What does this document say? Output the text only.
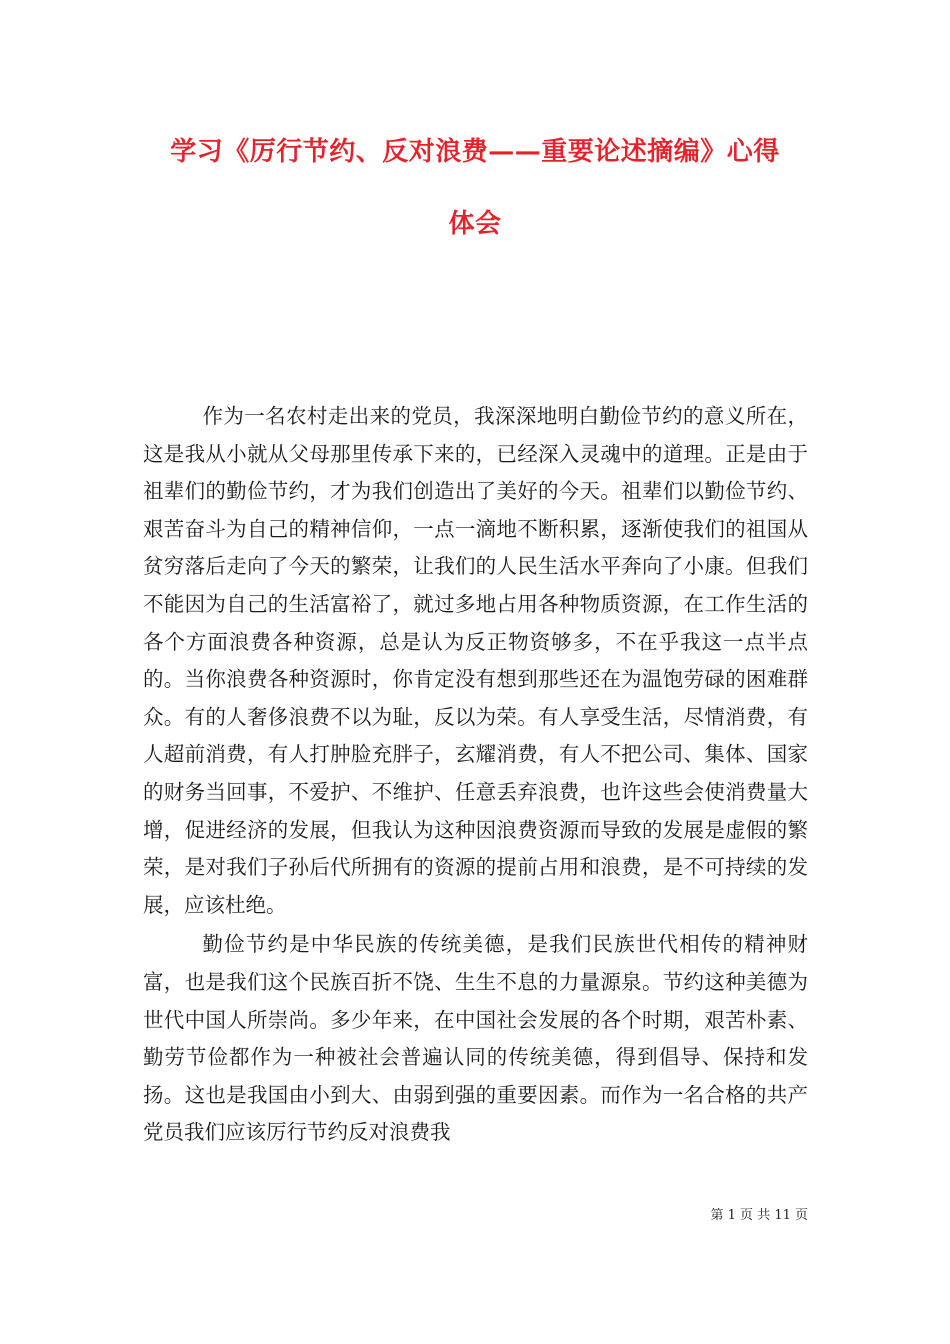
学习《厉行节约、反对浪费——重要论述摘编》心得
体会

作为一名农村走出来的党员，我深深地明白勤俭节约的意义所在，这是我从小就从父母那里传承下来的，已经深入灵魂中的道理。正是由于祖辈们的勤俭节约，才为我们创造出了美好的今天。祖辈们以勤俭节约、艰苦奋斗为自己的精神信仰，一点一滴地不断积累，逐渐使我们的祖国从贫穷落后走向了今天的繁荣，让我们的人民生活水平奔向了小康。但我们不能因为自己的生活富裕了，就过多地占用各种物质资源，在工作生活的各个方面浪费各种资源，总是认为反正物资够多，不在乎我这一点半点的。当你浪费各种资源时，你肯定没有想到那些还在为温饱劳碌的困难群众。有的人奢侈浪费不以为耻，反以为荣。有人享受生活，尽情消费，有人超前消费，有人打肿脸充胖子，玄耀消费，有人不把公司、集体、国家的财务当回事，不爱护、不维护、任意丢弃浪费，也许这些会使消费量大增，促进经济的发展，但我认为这种因浪费资源而导致的发展是虚假的繁荣，是对我们子孙后代所拥有的资源的提前占用和浪费，是不可持续的发展，应该杜绝。

勤俭节约是中华民族的传统美德，是我们民族世代相传的精神财富，也是我们这个民族百折不饶、生生不息的力量源泉。节约这种美德为世代中国人所崇尚。多少年来，在中国社会发展的各个时期，艰苦朴素、勤劳节俭都作为一种被社会普遍认同的传统美德，得到倡导、保持和发扬。这也是我国由小到大、由弱到强的重要因素。而作为一名合格的共产党员我们应该厉行节约反对浪费我

第 1 页 共 11 页
